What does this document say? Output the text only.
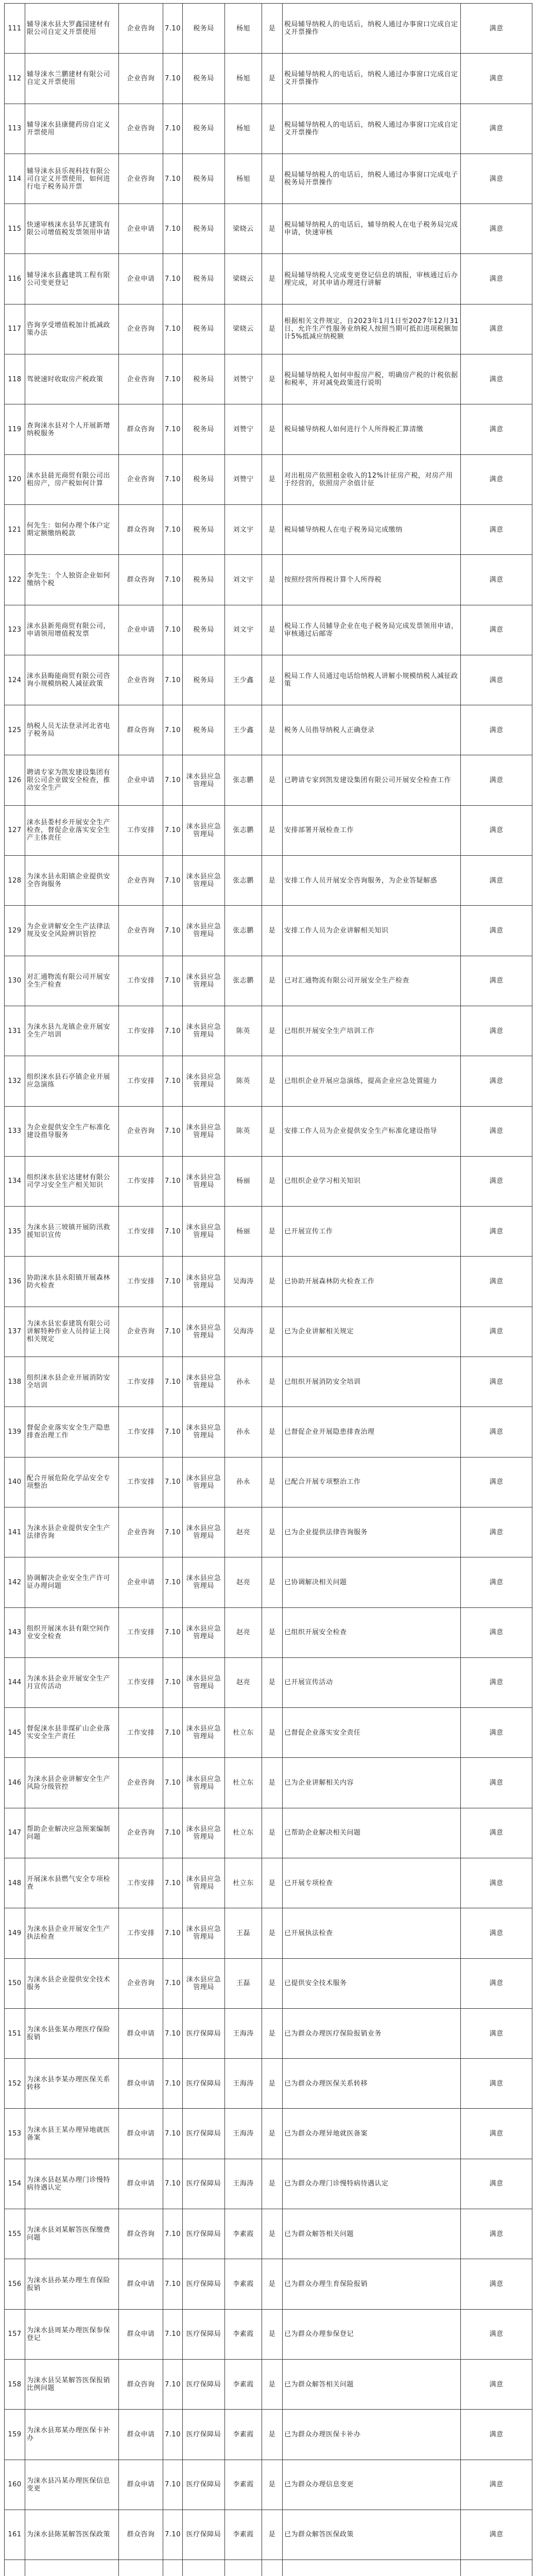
111	辅导涞水县大罗鑫园建材有限公司自定义开票使用	企业咨询	7.10	税务局	杨旭	是	税局辅导纳税人的电话后，纳税人通过办事窗口完成自定义开票操作	满意
112	辅导涞水兰鹏建材有限公司自定义开票使用	企业咨询	7.10	税务局	杨旭	是	税局辅导纳税人的电话后，纳税人通过办事窗口完成自定义开票操作	满意
113	辅导涞水县康健药房自定义开票使用	企业咨询	7.10	税务局	杨旭	是	税局辅导纳税人的电话后，纳税人通过办事窗口完成自定义开票操作	满意
114	辅导涞水县乐视科技有限公司自定义开票使用，如何进行电子税务局开票	企业咨询	7.10	税务局	杨旭	是	税局辅导纳税人的电话后，纳税人通过办事窗口完成电子税务局开票操作	满意
115	快速审核涞水县华瓦建筑有限公司增值税发票领用申请	企业申请	7.10	税务局	梁晓云	是	税局辅导纳税人的电话后，辅导纳税人在电子税务局完成申请，快速审核	满意
116	辅导涞水县鑫建筑工程有限公司变更登记	企业申请	7.10	税务局	梁晓云	是	税局辅导纳税人完成变更登记信息的填报，审核通过后办理完成，对其申请办理进行讲解	满意
117	咨询享受增值税加计抵减政策办法	企业咨询	7.10	税务局	梁晓云	是	根据相关文件规定，自2023年1月1日至2027年12月31日，允许生产性服务业纳税人按照当期可抵扣进项税额加计5%抵减应纳税额	满意
118	驾驶速时收取房产税政策	企业咨询	7.10	税务局	刘赞宁	是	税局辅导纳税人如何申报房产税，明确房产税的计税依据和税率，并对减免政策进行说明	满意
119	查询涞水县对个人开展新增纳税服务	群众咨询	7.10	税务局	刘赞宁	是	税局辅导纳税人如何进行个人所得税汇算清缴	满意
120	涞水县晨光商贸有限公司出租房产，房产税如何计算	企业咨询	7.10	税务局	刘赞宁	是	对出租房产依照租金收入的12%计征房产税，对房产用于经营的，依照房产余值计征	满意
121	何先生：如何办理个体户定期定额缴纳税款	群众咨询	7.10	税务局	刘文宇	是	税局辅导纳税人在电子税务局完成缴纳	满意
122	李先生：个人独资企业如何缴纳个税	群众咨询	7.10	税务局	刘文宇	是	按照经营所得税计算个人所得税	满意
123	涞水县新苑商贸有限公司，申请领用增值税发票	企业申请	7.10	税务局	刘文宇	是	税局工作人员辅导企业在电子税务局完成发票领用申请，审核通过后邮寄	满意
124	涞水县晦能商贸有限公司咨询小规模纳税人减征政策	企业咨询	7.10	税务局	王少鑫	是	税局工作人员通过电话给纳税人讲解小规模纳税人减征政策	满意
125	纳税人员无法登录河北省电子税务局	群众咨询	7.10	税务局	王少鑫	是	税务人员指导纳税人正确登录	满意
126	聘请专家为凯发建设集团有限公司企业做安全检查，推动安全生产	企业申请	7.10	涞水县应急管理局	张志鹏	是	已聘请专家到凯发建设集团有限公司开展安全检查工作	满意
127	涞水县娄村乡开展安全生产检查，督促企业落实安全生产主体责任	工作安排	7.10	涞水县应急管理局	张志鹏	是	安排部署开展检查工作	满意
128	为涞水县永阳镇企业提供安全咨询服务	企业咨询	7.10	涞水县应急管理局	张志鹏	是	安排工作人员开展安全咨询服务，为企业答疑解惑	满意
129	为企业讲解安全生产法律法规及安全风险辨识管控	企业咨询	7.10	涞水县应急管理局	张志鹏	是	安排工作人员为企业讲解相关知识	满意
130	对汇通物流有限公司开展安全生产检查	工作安排	7.10	涞水县应急管理局	张志鹏	是	已对汇通物流有限公司开展安全生产检查	满意
131	为涞水县九龙镇企业开展安全生产培训	工作安排	7.10	涞水县应急管理局	陈英	是	已组织开展安全生产培训工作	满意
132	组织涞水县石亭镇企业开展应急演练	工作安排	7.10	涞水县应急管理局	陈英	是	已组织企业开展应急演练，提高企业应急处置能力	满意
133	为企业提供安全生产标准化建设指导服务	企业咨询	7.10	涞水县应急管理局	陈英	是	安排工作人员为企业提供安全生产标准化建设指导	满意
134	组织涞水县宏达建材有限公司学习安全生产相关知识	工作安排	7.10	涞水县应急管理局	杨丽	是	已组织企业学习相关知识	满意
135	为涞水县三坡镇开展防汛救援知识宣传	工作安排	7.10	涞水县应急管理局	杨丽	是	已开展宣传工作	满意
136	协助涞水县永阳镇开展森林防火检查	工作安排	7.10	涞水县应急管理局	吴海涛	是	已协助开展森林防火检查工作	满意
137	为涞水县宏泰建筑有限公司讲解特种作业人员持证上岗相关规定	企业咨询	7.10	涞水县应急管理局	吴海涛	是	已为企业讲解相关规定	满意
138	组织涞水县企业开展消防安全培训	工作安排	7.10	涞水县应急管理局	孙永	是	已组织开展消防安全培训	满意
139	督促企业落实安全生产隐患排查治理工作	工作安排	7.10	涞水县应急管理局	孙永	是	已督促企业开展隐患排查治理	满意
140	配合开展危险化学品安全专项整治	工作安排	7.10	涞水县应急管理局	孙永	是	已配合开展专项整治工作	满意
141	为涞水县企业提供安全生产法律咨询	企业咨询	7.10	涞水县应急管理局	赵亮	是	已为企业提供法律咨询服务	满意
142	协调解决企业安全生产许可证办理问题	企业申请	7.10	涞水县应急管理局	赵亮	是	已协调解决相关问题	满意
143	组织开展涞水县有限空间作业安全检查	工作安排	7.10	涞水县应急管理局	赵亮	是	已组织开展安全检查	满意
144	为涞水县企业开展安全生产月宣传活动	工作安排	7.10	涞水县应急管理局	赵亮	是	已开展宣传活动	满意
145	督促涞水县非煤矿山企业落实安全生产责任	工作安排	7.10	涞水县应急管理局	杜立东	是	已督促企业落实安全责任	满意
146	为涞水县企业讲解安全生产风险分级管控	企业咨询	7.10	涞水县应急管理局	杜立东	是	已为企业讲解相关内容	满意
147	帮助企业解决应急预案编制问题	企业咨询	7.10	涞水县应急管理局	杜立东	是	已帮助企业解决相关问题	满意
148	开展涞水县燃气安全专项检查	工作安排	7.10	涞水县应急管理局	杜立东	是	已开展专项检查	满意
149	为涞水县企业开展安全生产执法检查	工作安排	7.10	涞水县应急管理局	王磊	是	已开展执法检查	满意
150	为涞水县企业提供安全技术服务	企业咨询	7.10	涞水县应急管理局	王磊	是	已提供安全技术服务	满意
151	为涞水县张某办理医疗保险报销	群众申请	7.10	医疗保障局	王海涛	是	已为群众办理医疗保险报销业务	满意
152	为涞水县李某办理医保关系转移	群众申请	7.10	医疗保障局	王海涛	是	已为群众办理医保关系转移	满意
153	为涞水县王某办理异地就医备案	群众申请	7.10	医疗保障局	王海涛	是	已为群众办理异地就医备案	满意
154	为涞水县赵某办理门诊慢特病待遇认定	群众申请	7.10	医疗保障局	王海涛	是	已为群众办理门诊慢特病待遇认定	满意
155	为涞水县刘某解答医保缴费问题	群众咨询	7.10	医疗保障局	李素霞	是	已为群众解答相关问题	满意
156	为涞水县孙某办理生育保险报销	群众申请	7.10	医疗保障局	李素霞	是	已为群众办理生育保险报销	满意
157	为涞水县周某办理医保参保登记	群众申请	7.10	医疗保障局	李素霞	是	已为群众办理参保登记	满意
158	为涞水县吴某解答医保报销比例问题	群众咨询	7.10	医疗保障局	李素霞	是	已为群众解答相关问题	满意
159	为涞水县郑某办理医保卡补办	群众申请	7.10	医疗保障局	李素霞	是	已为群众办理医保卡补办	满意
160	为涞水县冯某办理医保信息变更	群众申请	7.10	医疗保障局	李素霞	是	已为群众办理信息变更	满意
161	为涞水县陈某解答医保政策	群众咨询	7.10	医疗保障局	李素霞	是	已为群众解答医保政策	满意
